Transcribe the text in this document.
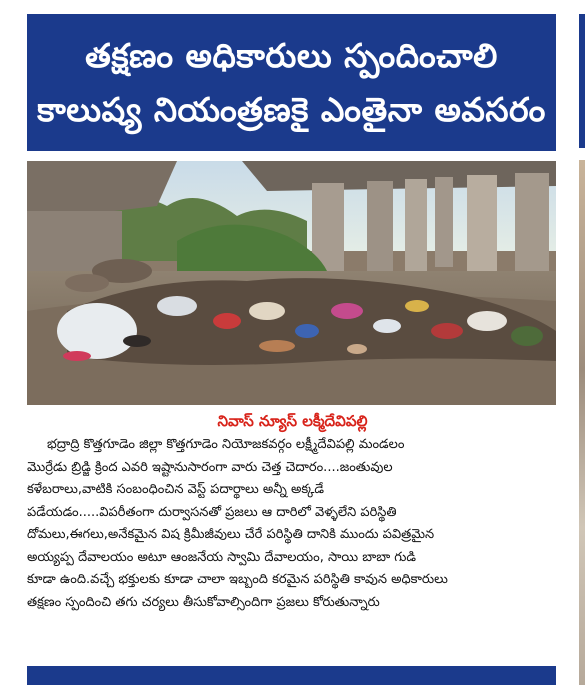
తక్షణం అధికారులు స్పందించాలి
కాలుష్య నియంత్రణకై ఎంతైనా అవసరం
నివాస్ న్యూస్ లక్మీదేవిపల్లి
భద్రాద్రి కొత్తగూడెం జిల్లా కొత్తగూడెం నియోజకవర్గం లక్ష్మీదేవిపల్లి మండలం
మొర్రేడు బ్రిడ్జి క్రింద ఎవరి ఇష్టానుసారంగా వారు చెత్త చెదారం....జంతువుల
కళేబరాలు,వాటికి సంబంధించిన వెస్ట్ పదార్థాలు అన్నీ అక్కడే
పడేయడం.....విపరీతంగా దుర్వాసనతో ప్రజలు ఆ దారిలో వెళ్ళలేని పరిస్థితి
దోమలు,ఈగలు,అనేకమైన విష క్రిమీజీవులు చేరే పరిస్థితి దానికి ముందు పవిత్రమైన
అయ్యప్ప దేవాలయం అటూ ఆంజనేయ స్వామి దేవాలయం, సాయి బాబా గుడి
కూడా ఉంది.వచ్చే భక్తులకు కూడా చాలా ఇబ్బంది కరమైన పరిస్థితి కావున అధికారులు
తక్షణం స్పందించి తగు చర్యలు తీసుకోవాల్సిందిగా ప్రజలు కోరుతున్నారు
